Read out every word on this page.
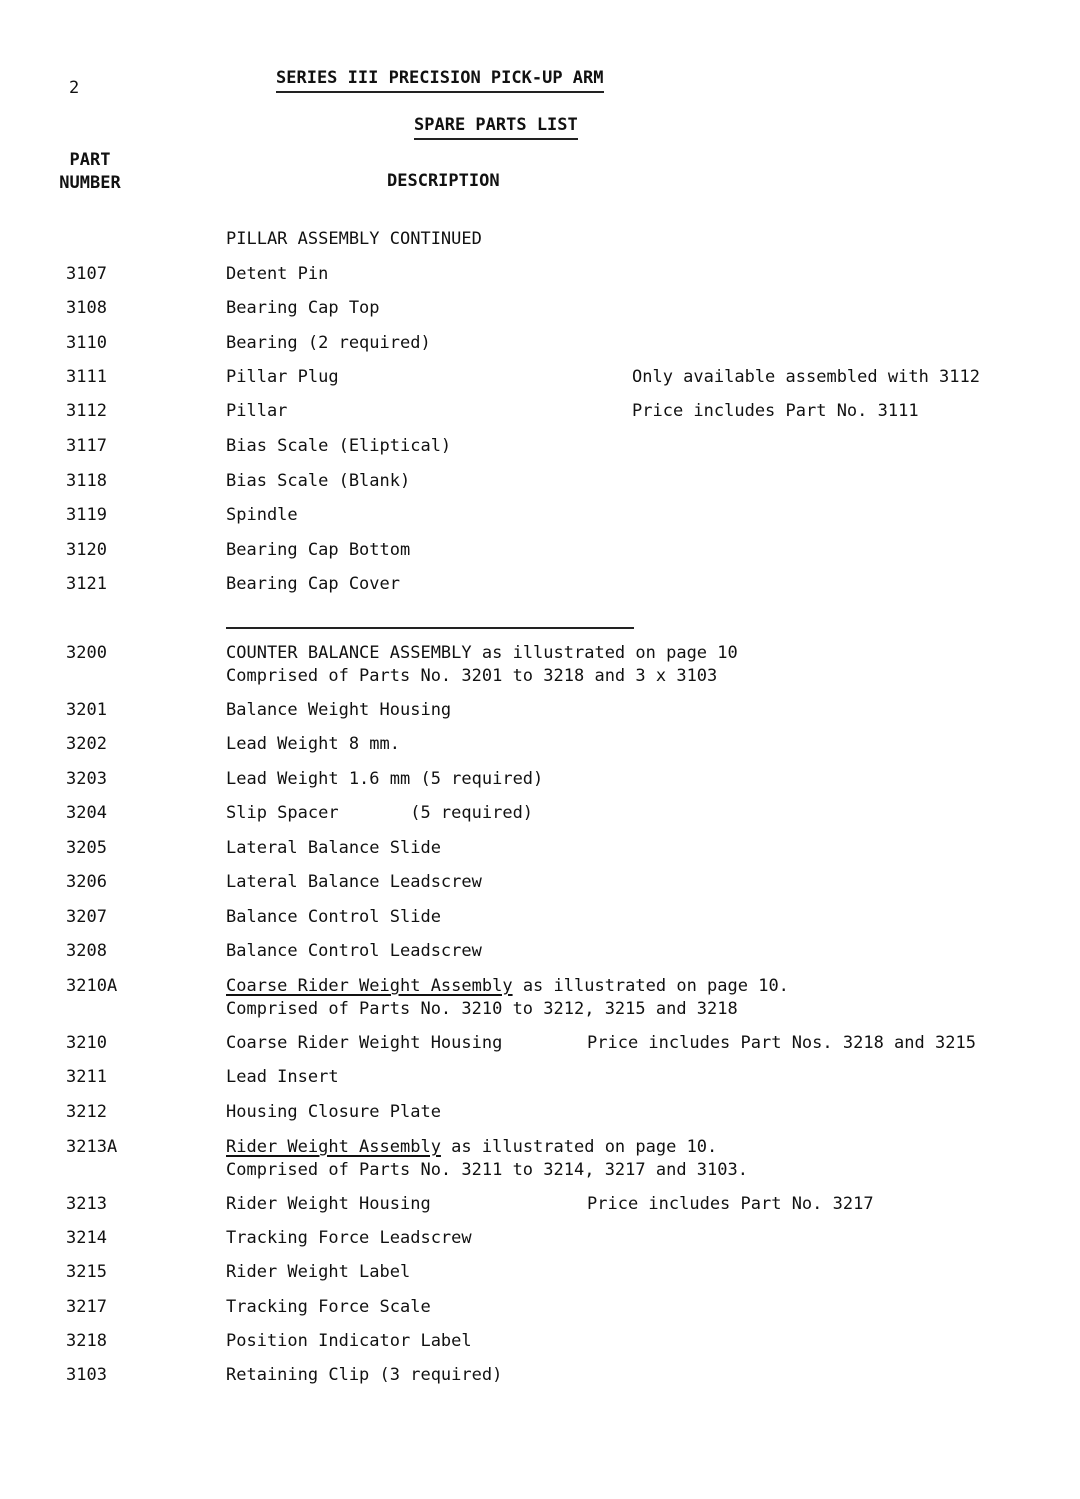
2	SERIES III PRECISION PICK-UP ARM
SPARE PARTS LIST
PART
NUMBER	DESCRIPTION
PILLAR ASSEMBLY CONTINUED
3107	Detent Pin
3108	Bearing Cap Top
3110	Bearing (2 required)
3111	Pillar Plug	Only available assembled with 3112
3112	Pillar	Price includes Part No. 3111
3117	Bias Scale (Eliptical)
3118	Bias Scale (Blank)
3119	Spindle
3120	Bearing Cap Bottom
3121	Bearing Cap Cover
3200	COUNTER BALANCE ASSEMBLY as illustrated on page 10
Comprised of Parts No. 3201 to 3218 and 3 x 3103
3201	Balance Weight Housing
3202	Lead Weight 8 mm.
3203	Lead Weight 1.6 mm (5 required)
3204	Slip Spacer       (5 required)
3205	Lateral Balance Slide
3206	Lateral Balance Leadscrew
3207	Balance Control Slide
3208	Balance Control Leadscrew
3210A	Coarse Rider Weight Assembly as illustrated on page 10.
Comprised of Parts No. 3210 to 3212, 3215 and 3218
3210	Coarse Rider Weight Housing	Price includes Part Nos. 3218 and 3215
3211	Lead Insert
3212	Housing Closure Plate
3213A	Rider Weight Assembly as illustrated on page 10.
Comprised of Parts No. 3211 to 3214, 3217 and 3103.
3213	Rider Weight Housing	Price includes Part No. 3217
3214	Tracking Force Leadscrew
3215	Rider Weight Label
3217	Tracking Force Scale
3218	Position Indicator Label
3103	Retaining Clip (3 required)
